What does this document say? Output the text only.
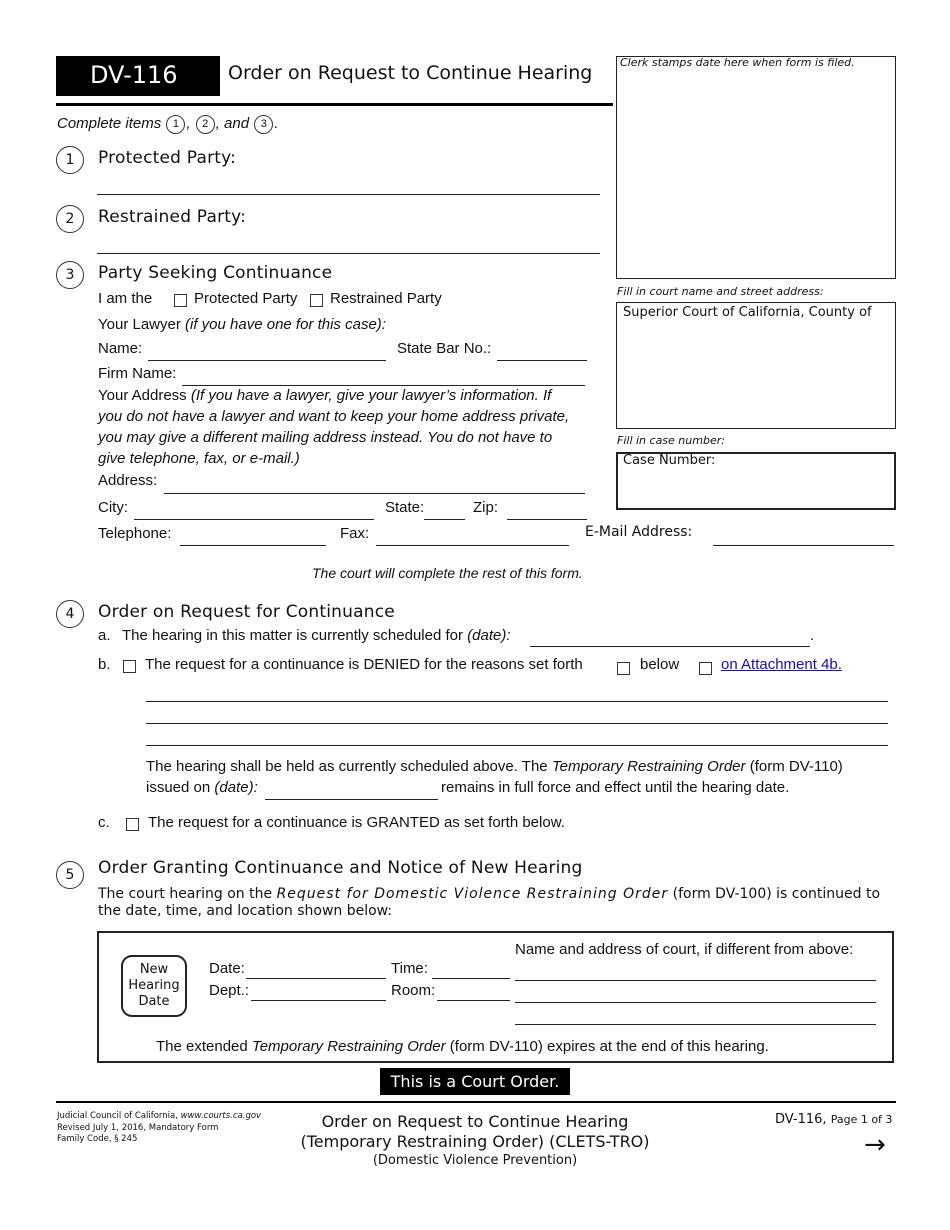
DV-116	Order on Request to Continue Hearing	Clerk stamps date here when form is filed.
Fill in court name and street address:
Superior Court of California, County of
Fill in case number:
Case Number:
Complete items 1 , 2 , and 3 .
1	Protected Party:
2	Restrained Party:
3	Party Seeking Continuance
I am the	Protected Party Restrained Party
Your Lawyer (if you have one for this case):
Name:	State Bar No.:
Firm Name:
Your Address (If you have a lawyer, give your lawyer’s information. If
you do not have a lawyer and want to keep your home address private,
you may give a different mailing address instead. You do not have to
give telephone, fax, or e-mail.)
Address:
City:	State:	Zip:
Telephone:	Fax:	E-Mail Address:
The court will complete the rest of this form.
4	Order on Request for Continuance
a. The hearing in this matter is currently scheduled for (date):	.
b. The request for a continuance is DENIED for the reasons set forth	below	on Attachment 4b.
The hearing shall be held as currently scheduled above. The Temporary Restraining Order (form DV-110)
issued on (date):	remains in full force and effect until the hearing date.
c.	The request for a continuance is GRANTED as set forth below.
5	Order Granting Continuance and Notice of New Hearing
The court hearing on the Request for Domestic Violence Restraining Order (form DV-100) is continued to
the date, time, and location shown below:
New
Hearing
Date
Date:	Time:
Dept.:	Room:
Name and address of court, if different from above:
The extended Temporary Restraining Order (form DV-110) expires at the end of this hearing.
This is a Court Order.
Judicial Council of California, www.courts.ca.gov
Revised July 1, 2016, Mandatory Form
Family Code, § 245
Order on Request to Continue Hearing
(Temporary Restraining Order) (CLETS-TRO)
(Domestic Violence Prevention)
DV-116, Page 1 of 3
→
